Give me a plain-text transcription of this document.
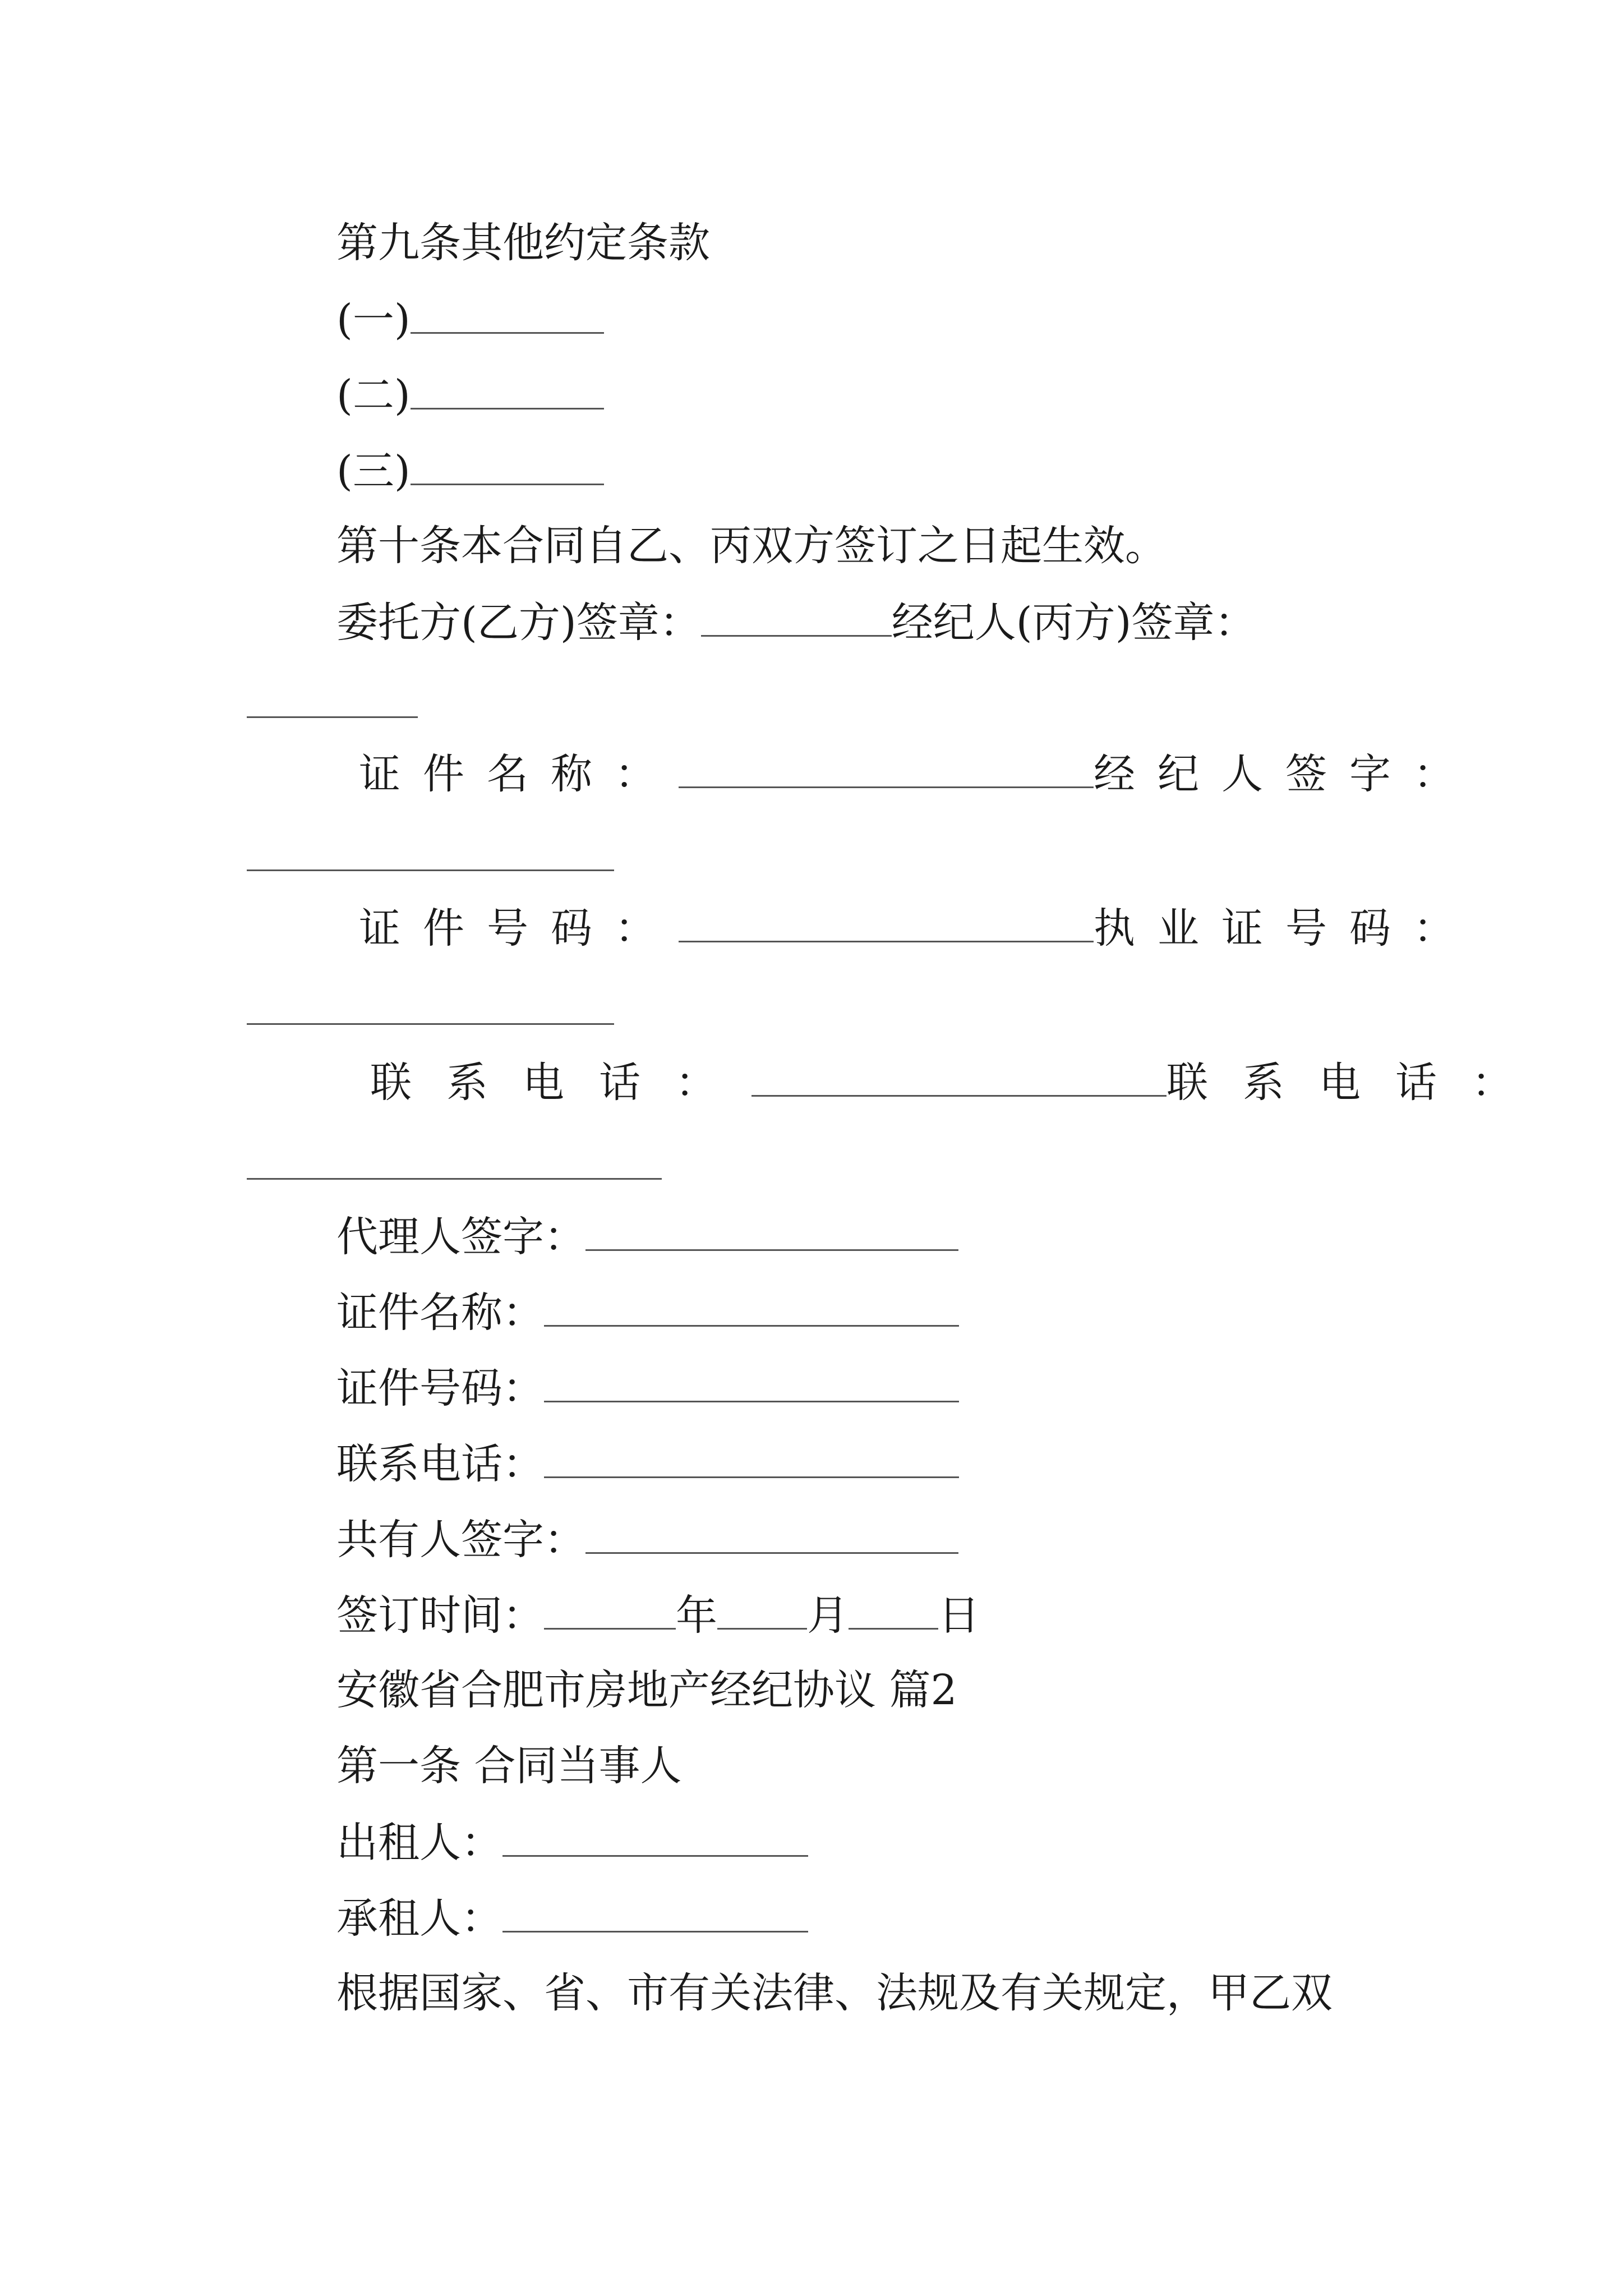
第九条其他约定条款
(一)
(二)
(三)
第十条本合同自乙、丙双方签订之日起生效。
委托方(乙方)签章：	经纪人(丙方)签章：
证件名称：	经纪人签字：
证件号码：	执业证号码：
联系电话：	联系电话：
代理人签字：
证件名称：
证件号码：
联系电话：
共有人签字：
签订时间：	年 月 日
安徽省合肥市房地产经纪协议 篇2
第一条 合同当事人
出租人：
承租人：
根据国家、省、市有关法律、法规及有关规定，甲乙双
